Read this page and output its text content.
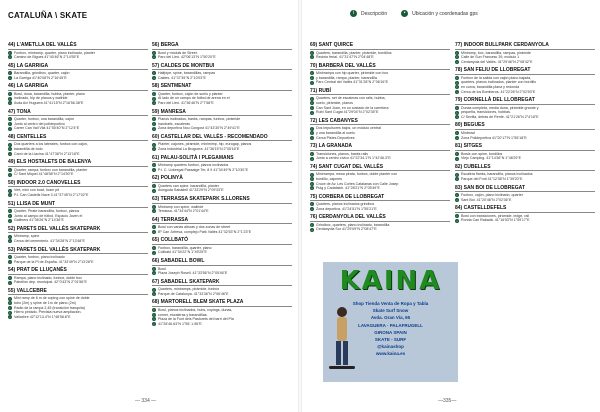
CATALUÑA \ SKATE	i	Descripción	•	Ubicación y coordenadas gps
44) L'AMETLLA DEL VALLÈS
i	Funbox, miniramp, quarter, plano inclinado, planter
• Camino de Bigues 41°40'46"N 2°14'55"E
45) LA GARRIGA
i	Barandilla, grindbox, quarter, cajón
• La Garriga 41°40'08"N 2°16'45"E
46) LA GARRIGA
i	Bowl, duna, barandilla, hubba, planter, plano
i	inclinado, hip de planos y wallride
• Avda Avi Huguera 41°41'15"N 2°16'56.38"E
47) TONA
i	Quarter, funbox, una barandilla, cajón
i	Junto al centro del polideportivo
• Carrer Can Vall Vilà 41°50'40"N 2°12'4"E
48) CENTELLES
i	Dos quarters a los laterales, funbox con cajón,
i	barandilla de todo
• Camí de la Llavina 41°47'38"N 2°13'18"E
49) ELS HOSTALETS DE BALENYA
i	Quarter, rampa, funbox con barandilla, planter
• C/ Sant Miquel 41°48'58"N 2°14'50"E
50) INDOOR 2.0 CANOVELLES
i	Vert, mini con bowl, foam pit
• P.I. Can Castells Nave 3 41°37'45"N 2°17'02"E
51) LLISA DE MUNT
i	Quarter, Pirate barandilla, funbox, planos
i	Junto al campo de fútbol, Espacio Joven el
• Galliners 41°36'26"N 2°14'36"E
52) PARETS DEL VALLÈS SKATEPARK
i	Miniramp, spine
• Cerca del cementerio. 41°34'28"N 2°13'48"E
53) PARETS DEL VALLÈS SKATEPARK
i	Quarter, funbox, plano inclinado
• Parque de la Pl de España. 41°33'49"N 2°13'28"E
54) PRAT DE LLUÇANÈS
i	Rampa, plano inclinado, funbox, doble box
• Pabellón dep. municipal. 42°0'43"N 2°01'56"E
55) VALLCEBRE
i	Mini ramp de 6 m de coping con spine de doble
i	tubo (2m) y spine de 1m de plano (2m)
i	Radio de la rampa 2,45 (transición tranquila)
i	Hierro pintado. Prevista nueva ampliación.
• Vallcebre 42°12'13.4"N 1°48'58.8"E
56) BERGA
i	Bowl y mòduls de Street.
• Parc del Lleó. 42°06'13"N 1°50'20"E
57) CALDES DE MONTBUI
i	Halfpipe, spine, barandillas, rampas
• Caldes. 41°37'39"N 2°10'03"E
58) SENTMENAT
i	Quarter, funbox, cajón de suelo y planter
i	Al lado de un campo de fútbol de arena en el
• Parc del Lleó. 41°36'46"N 2°7'58"E
59) MANRESA
i	Planos inclinados, banks, rampas, funbox, pirámide
i	handrails, escaleras
• Zona deportiva Nou Congost 41°43'30"N 2°49'41"E
60) CASTELLAR DEL VALLÈS - RECOMENDADO
i	Planter, cajones, pirámide, minimimp, hip, eurogap, planos
• Zona Industrial La Broguera. 41°36'15"N 2°05'16"E
61) PALAU-SOLITÀ I PLEGAMANS
i	Miniramp quarters funbox, planos inclinados
• P.I. C. Llobregat Passatge Ter, 8 9 41°34'49"N 2°10'30"E
62) POLINYÀ
i	Quarters can spine, barandilla, planter
• Avinguda Sabadell 41°33'29"N 2°09'33"E
63) TERRASSA SKATEPARK S.LLORENS
i	Miniramp con spine, wallride
• Terrassa. 41°34'44"N 2°01'44"E
64) TERRASSA
i	Bowl con varias alturas y dos zonas de street
• Bº Can Jofresa, complejo Park Vallès 41°32'53"N 2°1'23"E
65) COLLBATÓ
i	Funbox, barandilla, quarter, plano
• Collbató 41°34'22"N 1°49'25"E
66) SABADELL BOWL
i	Bowl
• Plaza Joseph Rosell. 41°33'56"N 2°05'46"E
67) SABADELL SKATEPARK
i	Quarters, miniramps, pirámide, funbox
• Parque de Catalunya. 41°33'36"N 2°06'46"E
68) MARTORELL BLEM SKATE PLAZA
i	Bowl, planos inclinados, hubs, copings, dunas,
i	corner, escaleras y barandillas.
• Plaza de la Font dels Pastorets del barri del Pla
• 41°28'46.63"N 1°55'.1.96"E
69) SANT QUIRCE
i	Quarters, barandilla, planter, pirámide, bordillos
• Recinto ferial. 41°31'47"N 2°04'48"E
70) BARBERÀ DEL VALLÈS
i	Minirrampa con hip quarter, pirámide con box
i	y barandilla, rampa, planter, barandilla
• Parc Central del Vallès 41°31'28"N 2°06'16"E
71) RUBÍ
i	Quarters, set de escaleras con rails, hubba,
i	suelo, pirámide, planos
i	Can Sant Joan, en un costado de la carretera
• Rubí Sant Cugat 41°29'04"N 2°02'35"E
72) LES CABANYES
i	Dos impulsores bajos, un módulo central
i	y una barandilla al suelo
• Cerca Pistes Deportives
73) LA GRANADA
i	Transiciones, planos, banks rails
• Junto a centro cívico 41°22'34.1"N 1°42'46.3"E
74) SANT CUGAT DEL VALLÈS
i	Minirrampa, mesa pirata, funbox, doble planter con
i	bordillo, cajones
i	Cruce de Av. Les Cortes Catalanas con Calle Josep
• Puig y Cadafalch. 41°28'21"N 2°05'49"E
75) CORBERA DE LLOBREGAT
i	Quarters, planos inclinados grindbox
• Zona deportiva. 41°24'51"N 1°55'21"E
76) CERDANYOLA DEL VALLÈS
i	Grindbox, quarters, plano inclinado, barandilla
• Cerdanyola Sur 41°29'09"N 2°08'47"E
77) INDOOR BULLPARK CERDANYOLA
i	Miniramp, box, barandilla, rampas, pirámide
i	Calle de Sun Francesc 39, módulo 1
• Cerdanyola del Vallès. 41°29'46"N 2°08'42"E
78) SAN FELIU DE LLOBREGAT
i	Funbox de la salida con cajón plano bajada,
i	quarters, planos inclinados, planter con bordillo
i	en curva, barandilla plana y redonda
• Cerca de los Bomberos. 41°22'26"N 2°02'53"E
79) CORNELLÀ DEL LLOBREGAT
i	Dunas completa, media duna, pirámide grande y
i	pequeña, transiciones, hubbas.
• C/ Sevilla, detrás de Renfe. 41°21'26"N 2°4'18"E
80) BEGUES
i	Minibowl
• Zona Polideportiva 41°20'17"N 1°55'18"E
81) SITGES
i	Bowls con spine, bordillos
• Viejo Camping. 41°14'36"N 1°48'29"E
82) CUBELLES
i	Escalera flanks, barandilla, planos inclinados
• Parque del Fruit 41°12'38"N 1°39'20"E
83) SAN BOI DE LLOBREGAT
i	Funbox, cajón, plano inclinado, quarter
• Sant Boi. 41°20'46"N 2°02'36"E
84) CASTELLDEFELS
i	Bowl con transiciones, pirámide, ledge, rail
• Ronda Can Rabadà. 41°16'53"N 1°59'17"E
KAINA
Shop Tienda Venta de Ropa y Tabla
Skate Surf Snow
Avda. Gran Vía, 65
LAVAGUERA · PALAFRUGELL
GIRONA SPAIN
SKATE - SURF
@kainashop
www.kaina.es
— 334 —	—335—
